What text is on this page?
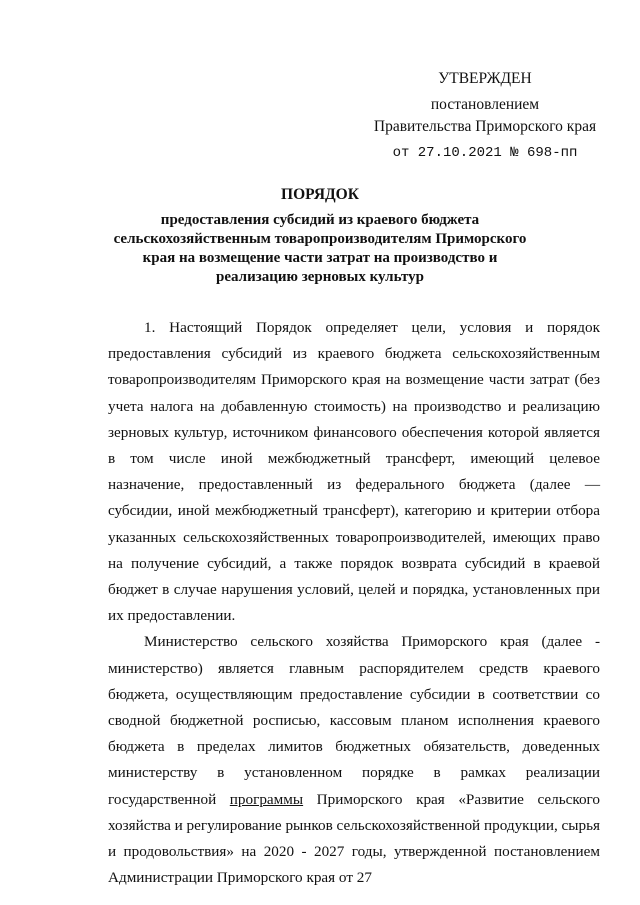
УТВЕРЖДЕН
постановлением
Правительства Приморского края
от 27.10.2021 № 698-пп
ПОРЯДОК
предоставления субсидий из краевого бюджета сельскохозяйственным товаропроизводителям Приморского края на возмещение части затрат на производство и реализацию зерновых культур

1. Настоящий Порядок определяет цели, условия и порядок предоставления субсидий из краевого бюджета сельскохозяйственным товаропроизводителям Приморского края на возмещение части затрат (без учета налога на добавленную стоимость) на производство и реализацию зерновых культур, источником финансового обеспечения которой является в том числе иной межбюджетный трансферт, имеющий целевое назначение, предоставленный из федерального бюджета (далее — субсидии, иной межбюджетный трансферт), категорию и критерии отбора указанных сельскохозяйственных товаропроизводителей, имеющих право на получение субсидий, а также порядок возврата субсидий в краевой бюджет в случае нарушения условий, целей и порядка, установленных при их предоставлении.

Министерство сельского хозяйства Приморского края (далее - министерство) является главным распорядителем средств краевого бюджета, осуществляющим предоставление субсидии в соответствии со сводной бюджетной росписью, кассовым планом исполнения краевого бюджета в пределах лимитов бюджетных обязательств, доведенных министерству в установленном порядке в рамках реализации государственной программы Приморского края «Развитие сельского хозяйства и регулирование рынков сельскохозяйственной продукции, сырья и продовольствия» на 2020 - 2027 годы, утвержденной постановлением Администрации Приморского края от 27
